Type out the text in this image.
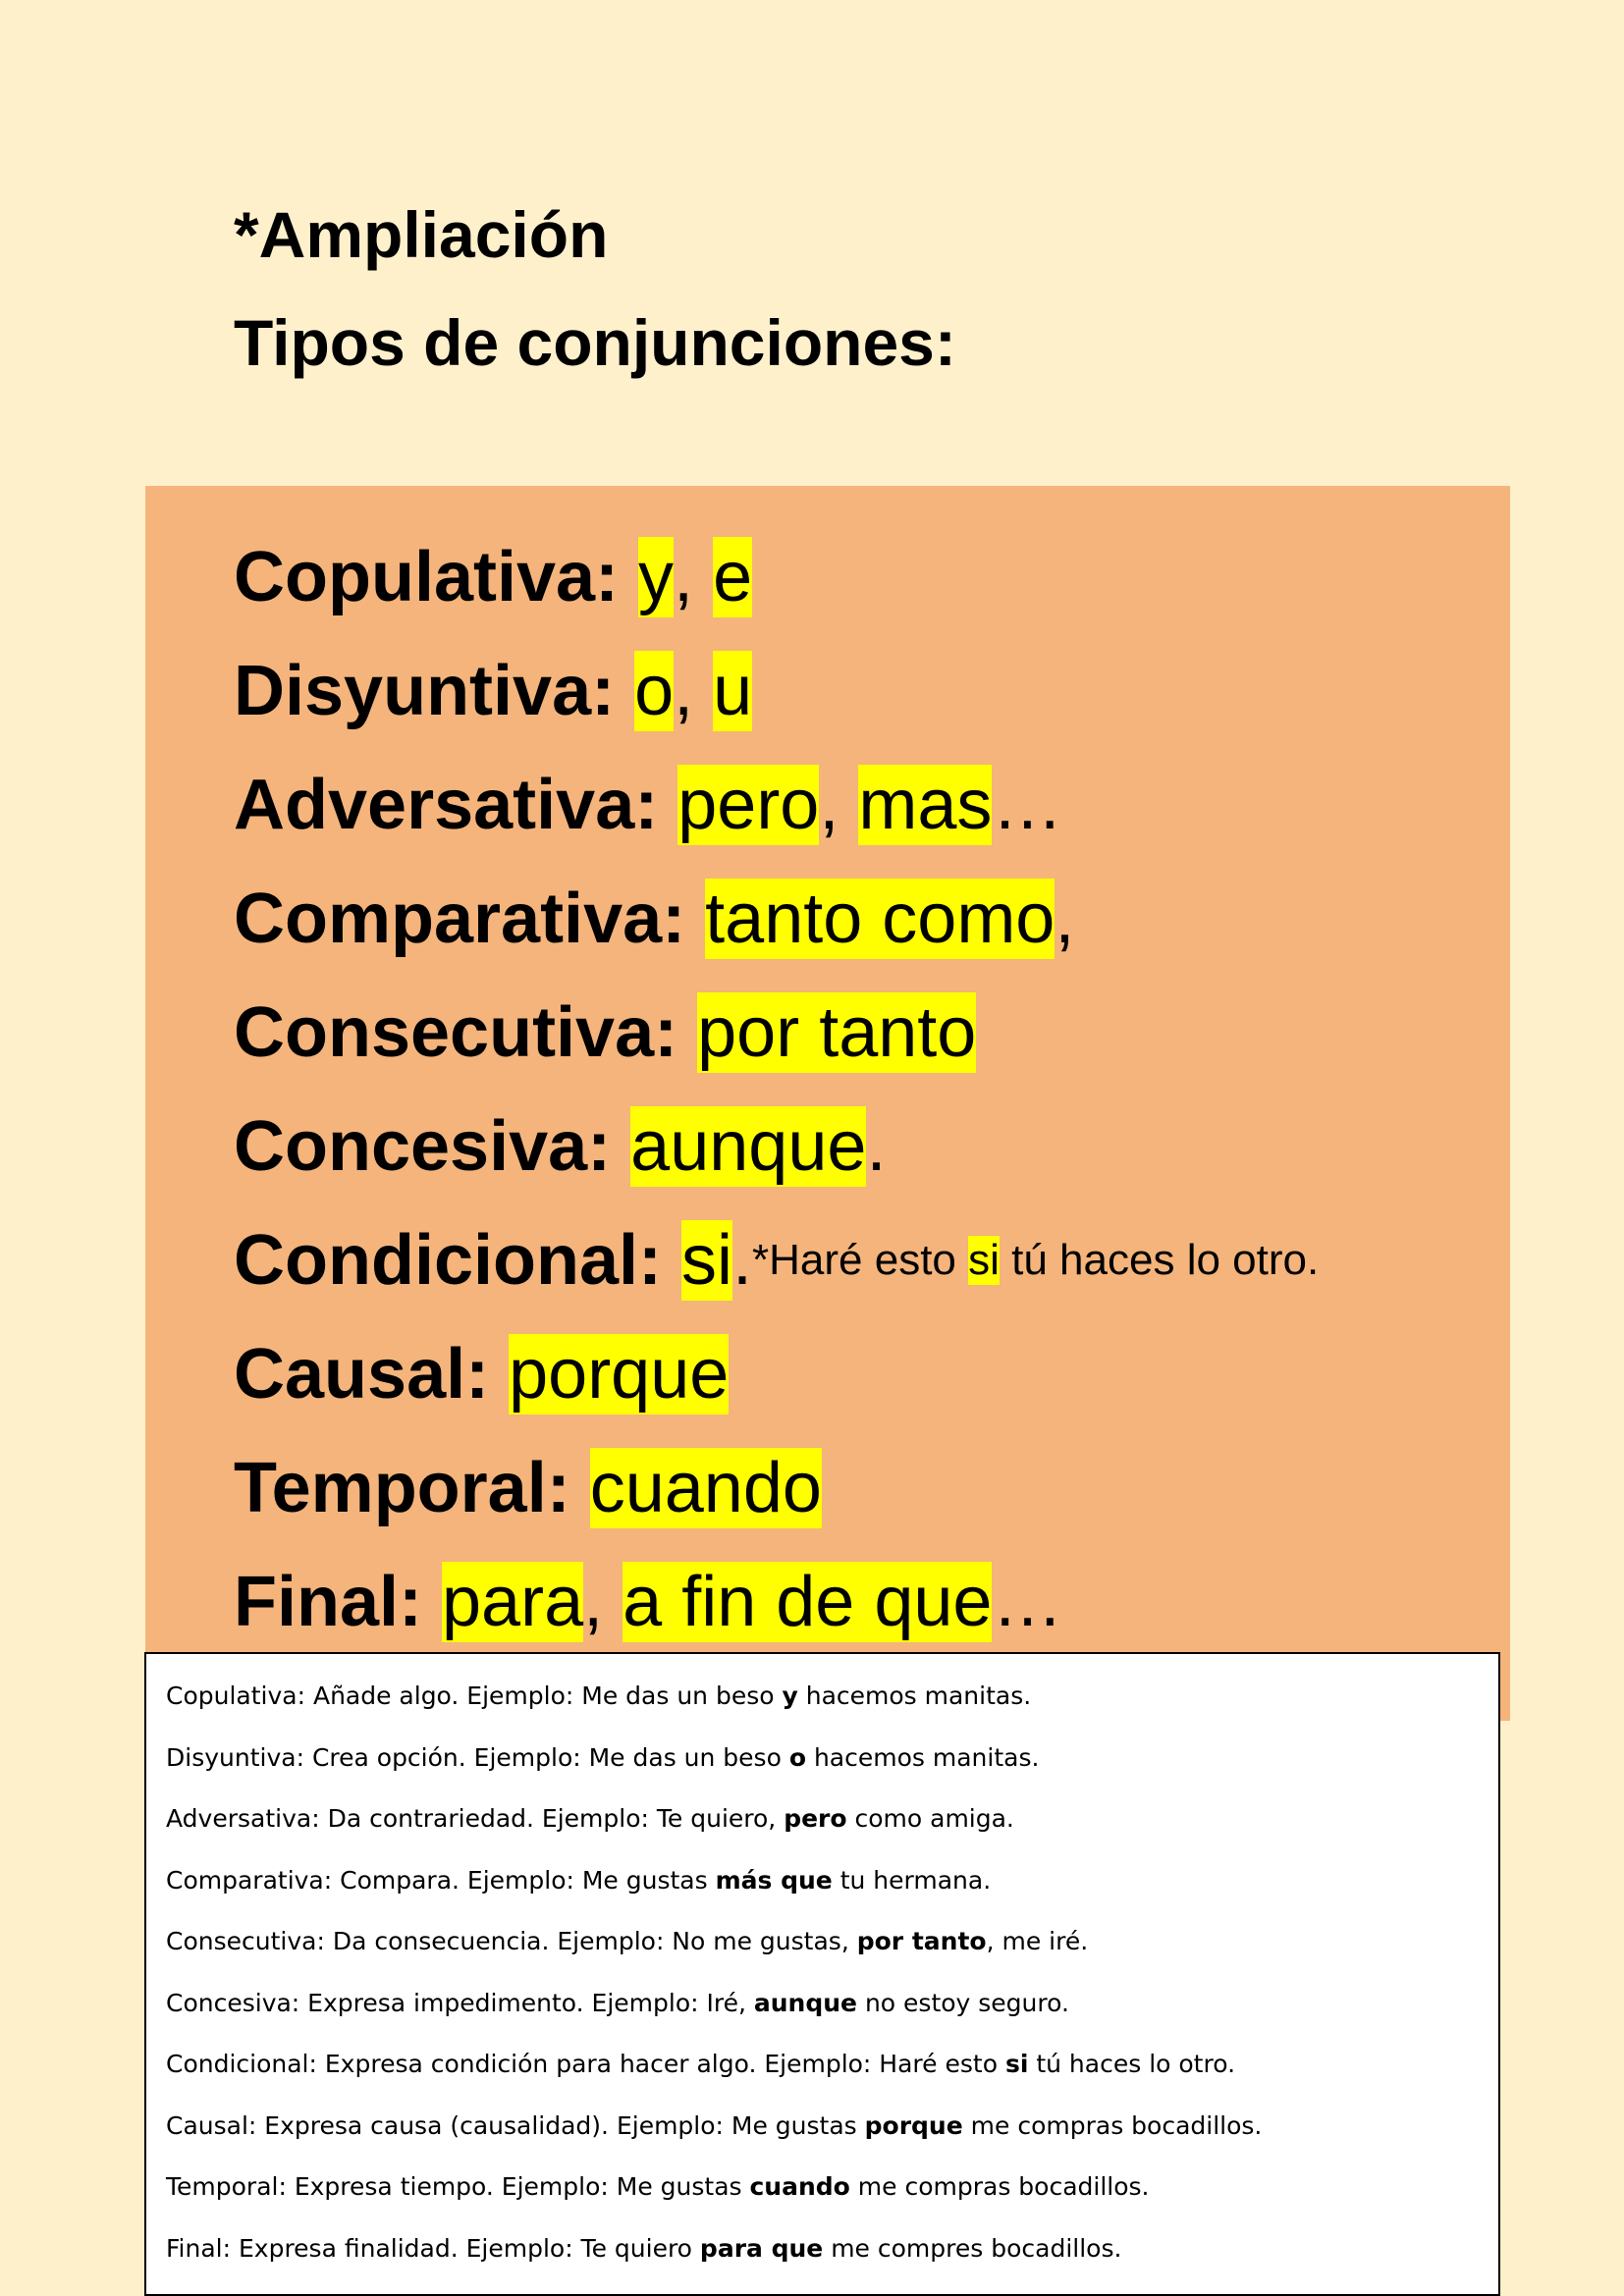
*Ampliación
Tipos de conjunciones:
Copulativa:
y , e
Disyuntiva:
o , u
Adversativa:
pero , mas …
Comparativa:
tanto como ,
Consecutiva:
por tanto
Concesiva:
aunque .
Condicional:
si . *Haré esto si tú haces lo otro.
Causal:
porque
Temporal:
cuando
Final:
para , a fin de que …
Copulativa: Añade algo. Ejemplo: Me das un beso y hacemos manitas.
Disyuntiva: Crea opción. Ejemplo: Me das un beso o hacemos manitas.
Adversativa: Da contrariedad. Ejemplo: Te quiero, pero como amiga.
Comparativa: Compara. Ejemplo: Me gustas más que tu hermana.
Consecutiva: Da consecuencia. Ejemplo: No me gustas, por tanto, me iré.
Concesiva: Expresa impedimento. Ejemplo: Iré, aunque no estoy seguro.
Condicional: Expresa condición para hacer algo. Ejemplo: Haré esto si tú haces lo otro.
Causal: Expresa causa (causalidad). Ejemplo: Me gustas porque me compras bocadillos.
Temporal: Expresa tiempo. Ejemplo: Me gustas cuando me compras bocadillos.
Final: Expresa finalidad. Ejemplo: Te quiero para que me compres bocadillos.
